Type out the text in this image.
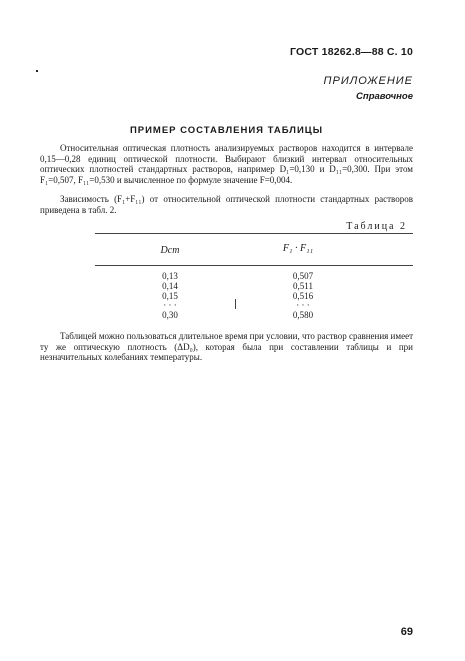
ГОСТ 18262.8—88 С. 10
ПРИЛОЖЕНИЕ
Справочное
ПРИМЕР СОСТАВЛЕНИЯ ТАБЛИЦЫ
Относительная оптическая плотность анализируемых растворов находится в интервале 0,15—0,28 единиц оптической плотности. Выбирают близкий интервал относительных оптических плотностей стандартных растворов, например D₁=0,130 и D₁₁=0,300. При этом F₁=0,507, F₁₁=0,530 и вычисленное по формуле значение F=0,004.
Зависимость (F₁+F₁₁) от относительной оптической плотности стандартных растворов приведена в табл. 2.
Таблица 2
Dст	F₁ · F₁₁
0,13
0,14
0,15
· · ·
0,30
0,507
0,511
0,516
· · ·
0,580
Таблицей можно пользоваться длительное время при условии, что раствор сравнения имеет ту же оптическую плотность (ΔD₀), которая была при составлении таблицы и при незначительных колебаниях температуры.
69
